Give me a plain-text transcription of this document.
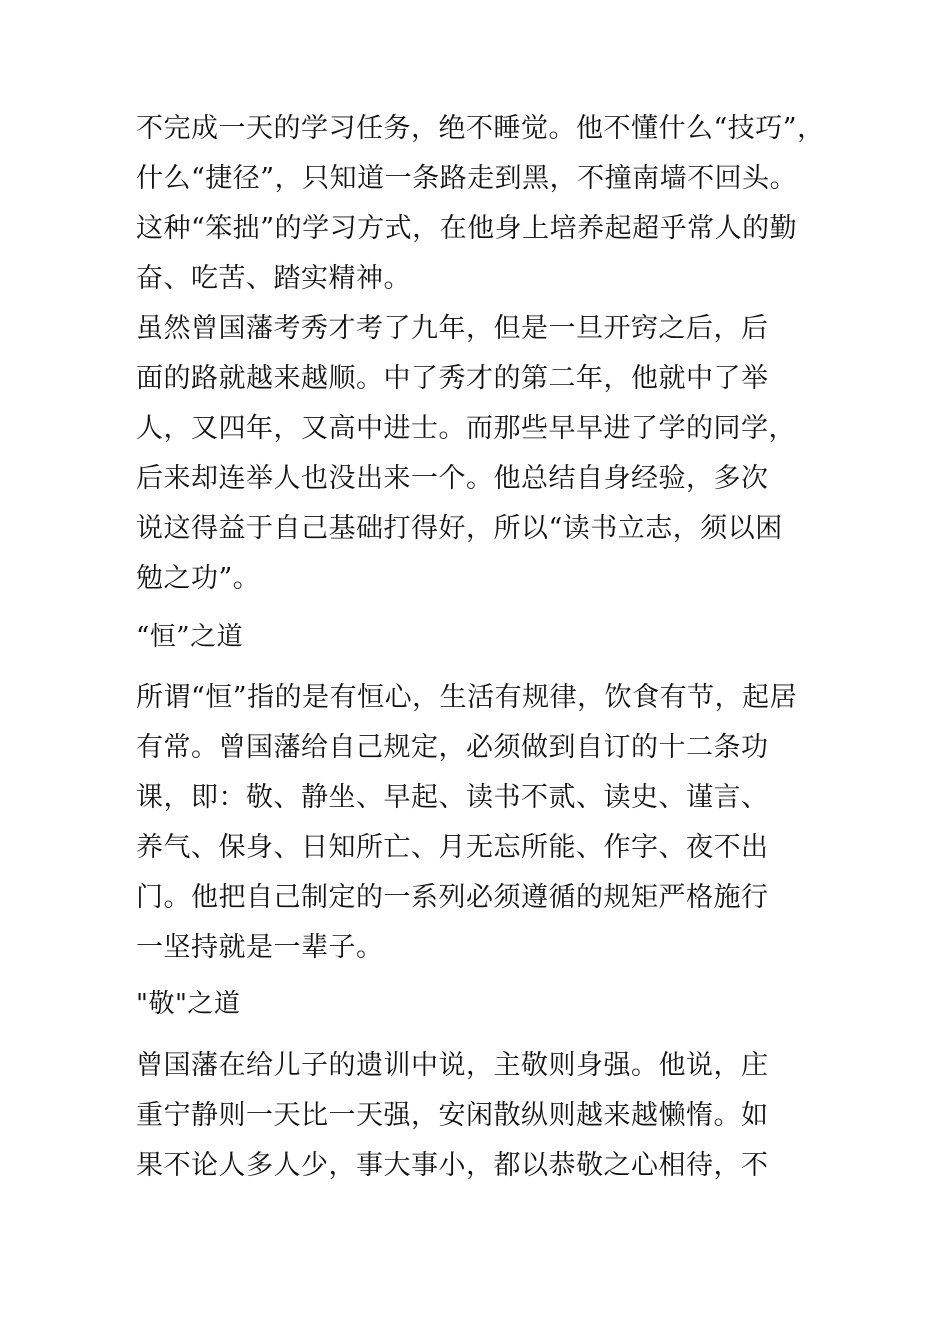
不完成一天的学习任务，绝不睡觉。他不懂什么“技巧”，
什么“捷径”，只知道一条路走到黑，不撞南墙不回头。
这种“笨拙”的学习方式，在他身上培养起超乎常人的勤
奋、吃苦、踏实精神。
虽然曾国藩考秀才考了九年，但是一旦开窍之后，后
面的路就越来越顺。中了秀才的第二年，他就中了举
人，又四年，又高中进士。而那些早早进了学的同学，
后来却连举人也没出来一个。他总结自身经验，多次
说这得益于自己基础打得好，所以“读书立志，须以困
勉之功”。
“恒”之道
所谓“恒”指的是有恒心，生活有规律，饮食有节，起居
有常。曾国藩给自己规定，必须做到自订的十二条功
课，即：敬、静坐、早起、读书不贰、读史、谨言、
养气、保身、日知所亡、月无忘所能、作字、夜不出
门。他把自己制定的一系列必须遵循的规矩严格施行
一坚持就是一辈子。
"敬"之道
曾国藩在给儿子的遗训中说，主敬则身强。他说，庄
重宁静则一天比一天强，安闲散纵则越来越懒惰。如
果不论人多人少，事大事小，都以恭敬之心相待，不
